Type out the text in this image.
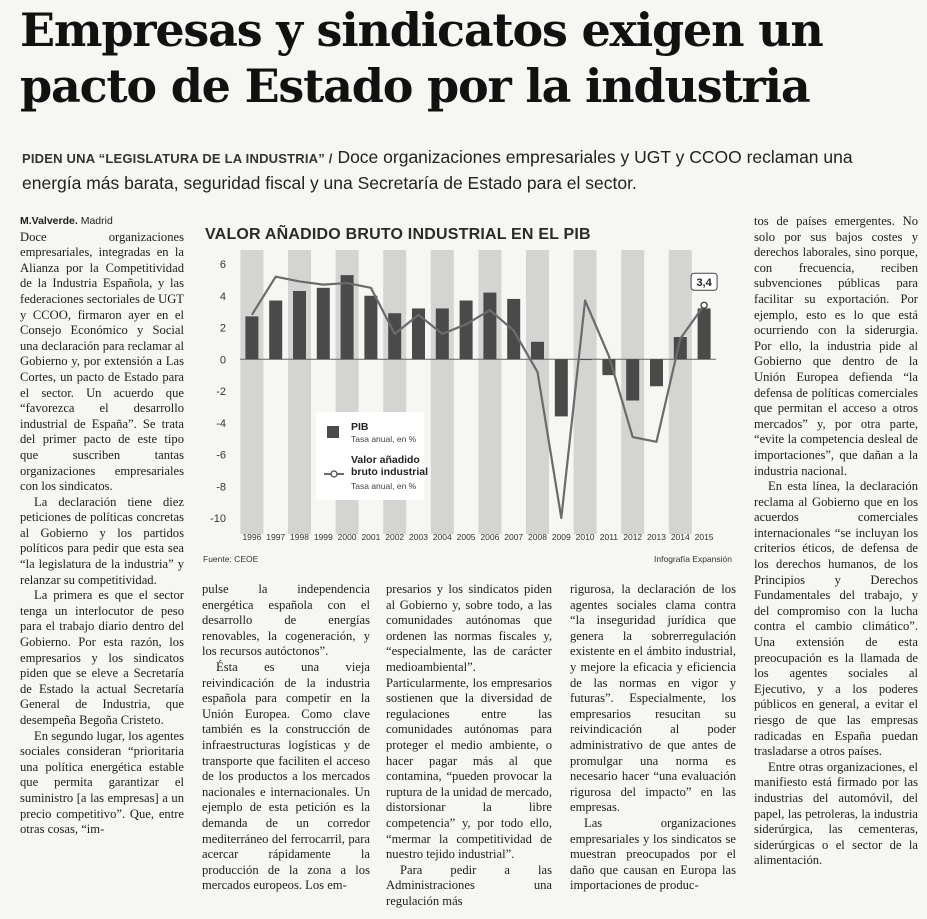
Empresas y sindicatos exigen un
pacto de Estado por la industria
PIDEN UNA “LEGISLATURA DE LA INDUSTRIA” / Doce organizaciones empresariales y UGT y CCOO reclaman una energía más barata, seguridad fiscal y una Secretaría de Estado para el sector.
M.Valverde. Madrid

Doce organizaciones empresariales, integradas en la Alianza por la Competitividad de la Industria Española, y las federaciones sectoriales de UGT y CCOO, firmaron ayer en el Consejo Económico y Social una declaración para reclamar al Gobierno y, por extensión a Las Cortes, un pacto de Estado para el sector. Un acuerdo que “favorezca el desarrollo industrial de España”. Se trata del primer pacto de este tipo que suscriben tantas organizaciones empresariales con los sindicatos.

La declaración tiene diez peticiones de políticas concretas al Gobierno y los partidos políticos para pedir que esta sea “la legislatura de la industria” y relanzar su competitividad.

La primera es que el sector tenga un interlocutor de peso para el trabajo diario dentro del Gobierno. Por esta razón, los empresarios y los sindicatos piden que se eleve a Secretaría de Estado la actual Secretaría General de Industria, que desempeña Begoña Cristeto.

En segundo lugar, los agentes sociales consideran “prioritaria una política energética estable que permita garantizar el suministro [a las empresas] a un precio competitivo”. Que, entre otras cosas, “im-

VALOR AÑADIDO BRUTO INDUSTRIAL EN EL PIB
6
4
2
0
-2
-4
-6
-8
-10
3,4
1996 1997 1998 1999 2000 2001 2002 2003 2004 2005 2006 2007 2008 2009 2010 2011 2012 2013 2014 2015
PIB
Tasa anual, en %
Valor añadido bruto industrial
Tasa anual, en %
Fuente: CEOE	Infografía Expansión

pulse la independencia energética española con el desarrollo de energías renovables, la cogeneración, y los recursos autóctonos”.

Ésta es una vieja reivindicación de la industria española para competir en la Unión Europea. Como clave también es la construcción de infraestructuras logísticas y de transporte que faciliten el acceso de los productos a los mercados nacionales e internacionales. Un ejemplo de esta petición es la demanda de un corredor mediterráneo del ferrocarril, para acercar rápidamente la producción de la zona a los mercados europeos. Los em-

presarios y los sindicatos piden al Gobierno y, sobre todo, a las comunidades autónomas que ordenen las normas fiscales y, “especialmente, las de carácter medioambiental”. Particularmente, los empresarios sostienen que la diversidad de regulaciones entre las comunidades autónomas para proteger el medio ambiente, o hacer pagar más al que contamina, “pueden provocar la ruptura de la unidad de mercado, distorsionar la libre competencia” y, por todo ello, “mermar la competitividad de nuestro tejido industrial”.

Para pedir a las Administraciones una regulación más

rigurosa, la declaración de los agentes sociales clama contra “la inseguridad jurídica que genera la sobrerregulación existente en el ámbito industrial, y mejore la eficacia y eficiencia de las normas en vigor y futuras”. Especialmente, los empresarios resucitan su reivindicación al poder administrativo de que antes de promulgar una norma es necesario hacer “una evaluación rigurosa del impacto” en las empresas.

Las organizaciones empresariales y los sindicatos se muestran preocupados por el daño que causan en Europa las importaciones de produc-

tos de países emergentes. No solo por sus bajos costes y derechos laborales, sino porque, con frecuencia, reciben subvenciones públicas para facilitar su exportación. Por ejemplo, esto es lo que está ocurriendo con la siderurgia. Por ello, la industria pide al Gobierno que dentro de la Unión Europea defienda “la defensa de políticas comerciales que permitan el acceso a otros mercados” y, por otra parte, “evite la competencia desleal de importaciones”, que dañan a la industria nacional.

En esta línea, la declaración reclama al Gobierno que en los acuerdos comerciales internacionales “se incluyan los criterios éticos, de defensa de los derechos humanos, de los Principios y Derechos Fundamentales del trabajo, y del compromiso con la lucha contra el cambio climático”. Una extensión de esta preocupación es la llamada de los agentes sociales al Ejecutivo, y a los poderes públicos en general, a evitar el riesgo de que las empresas radicadas en España puedan trasladarse a otros países.

Entre otras organizaciones, el manifiesto está firmado por las industrias del automóvil, del papel, las petroleras, la industria siderúrgica, las cementeras, siderúrgicas o el sector de la alimentación.
